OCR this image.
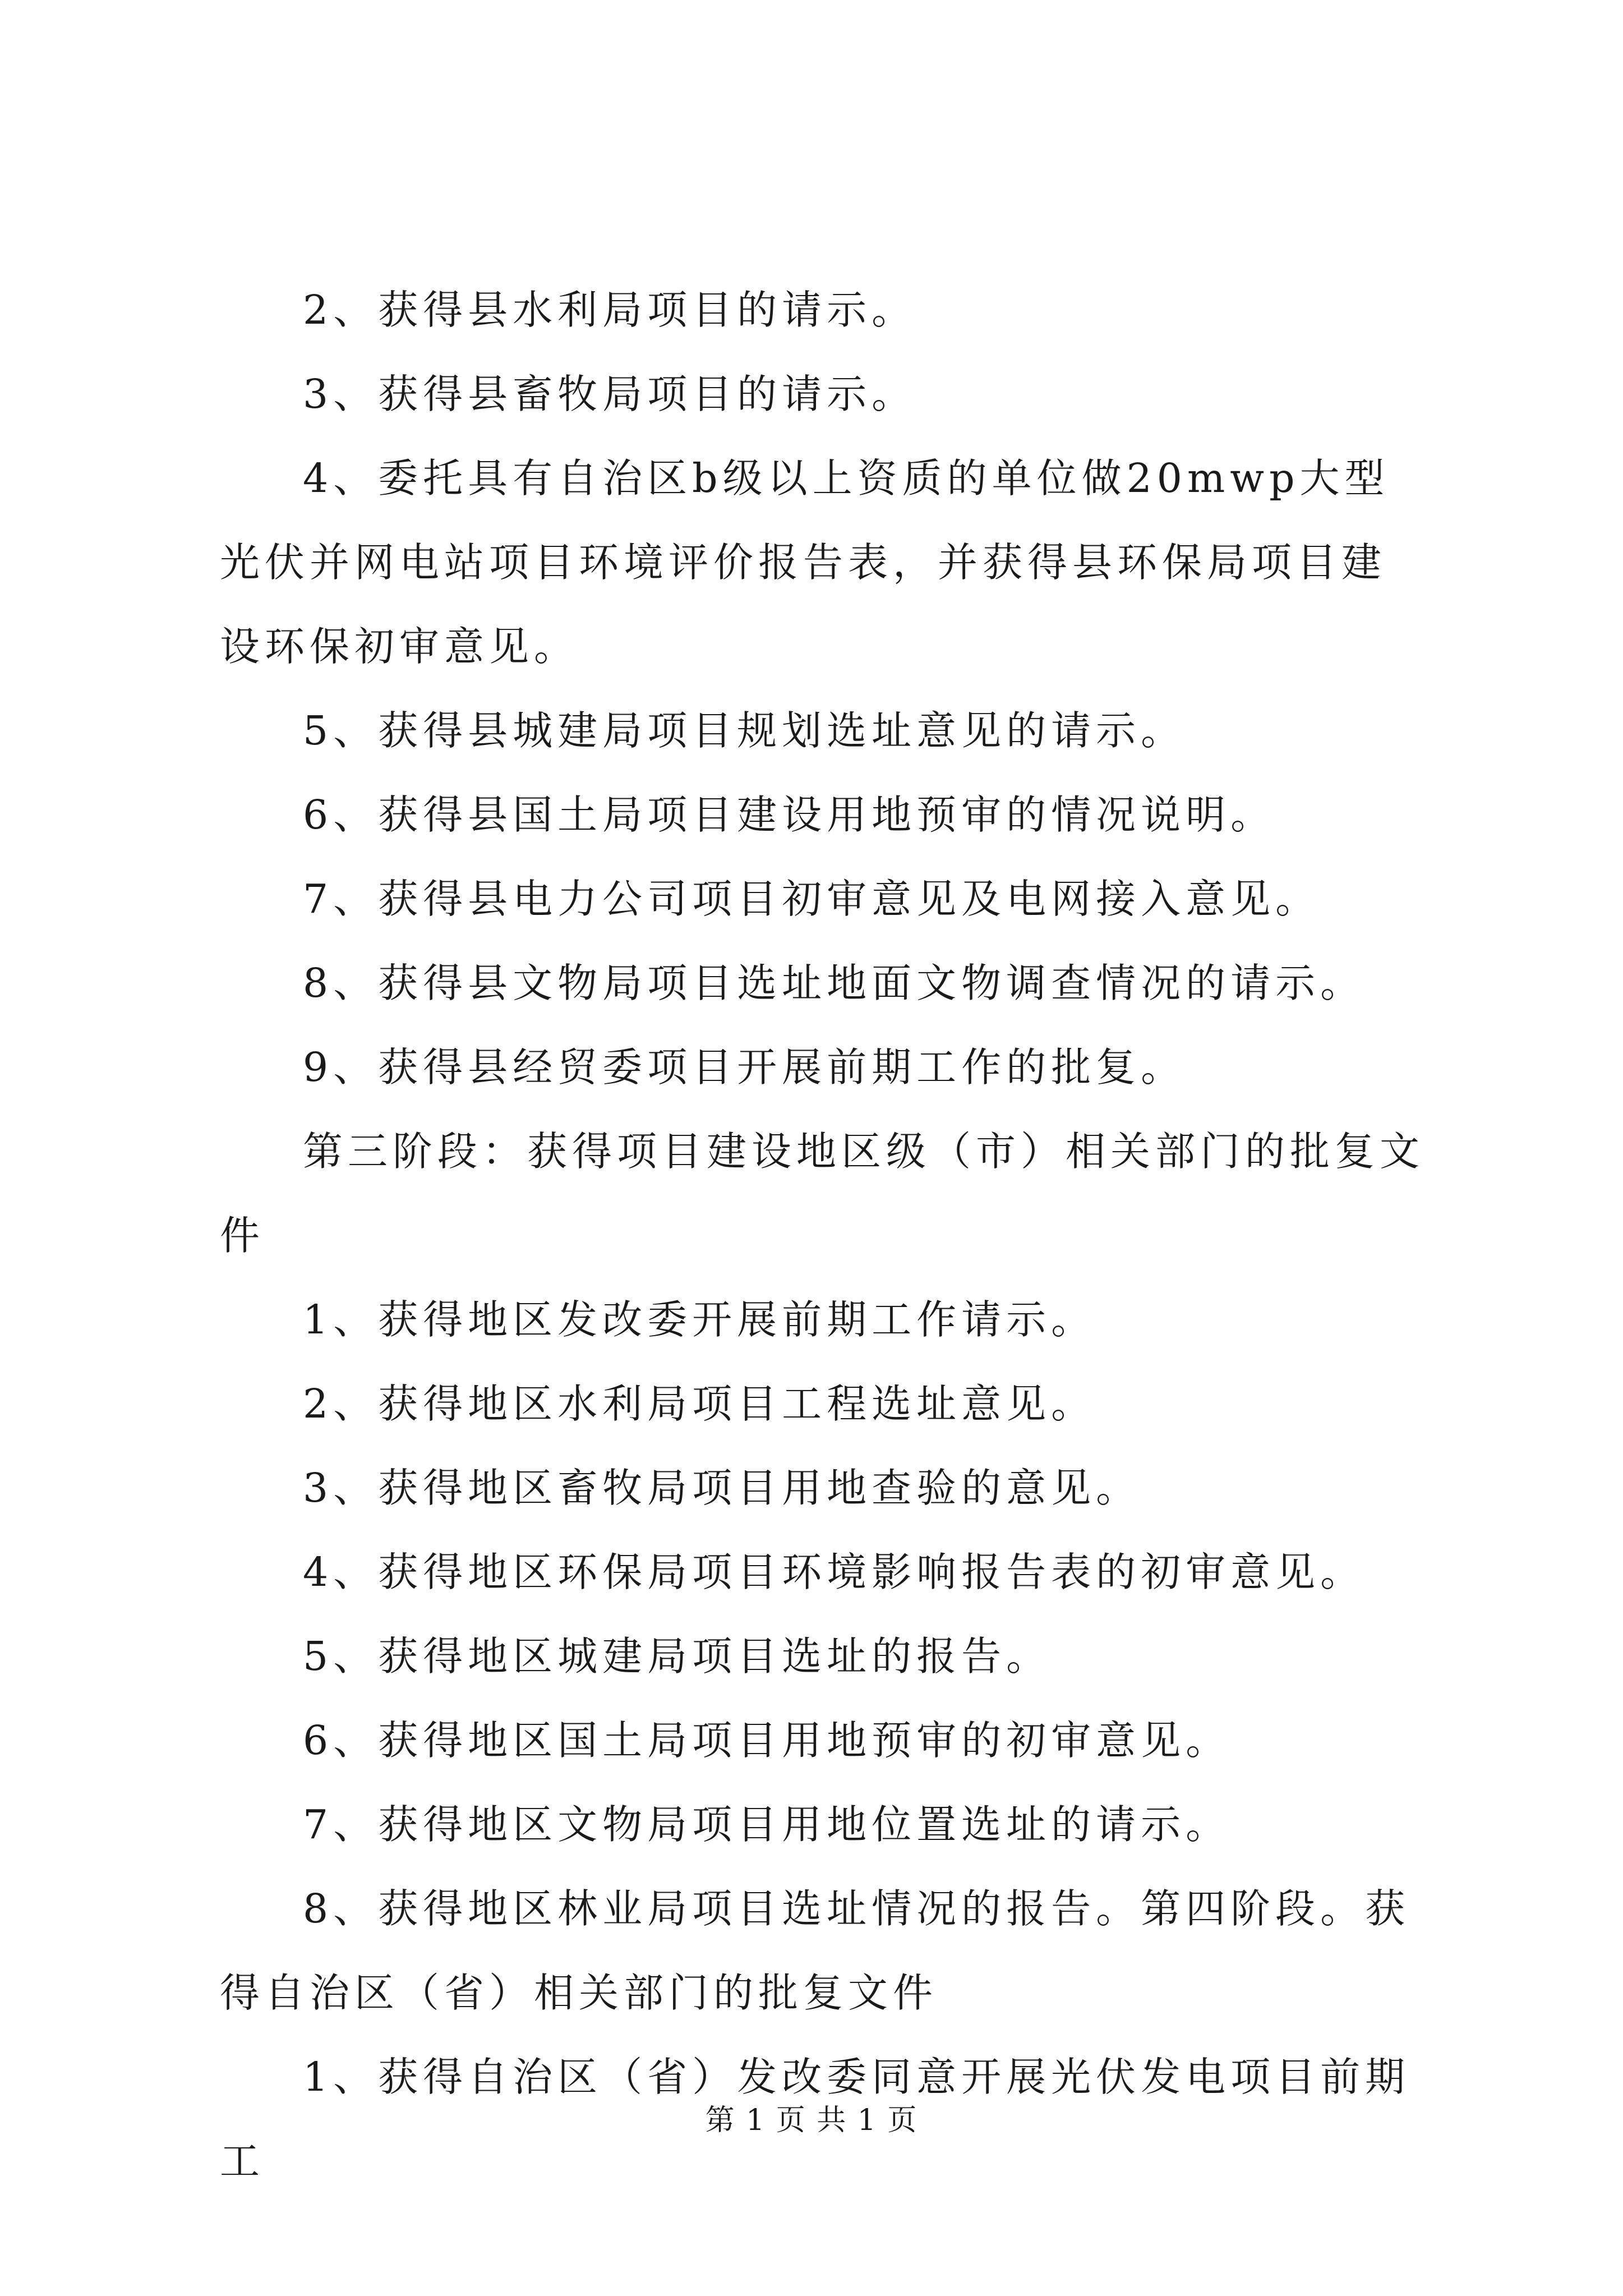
2、获得县水利局项目的请示。

3、获得县畜牧局项目的请示。

4、委托具有自治区b级以上资质的单位做20mwp大型光伏并网电站项目环境评价报告表，并获得县环保局项目建设环保初审意见。

5、获得县城建局项目规划选址意见的请示。

6、获得县国土局项目建设用地预审的情况说明。

7、获得县电力公司项目初审意见及电网接入意见。

8、获得县文物局项目选址地面文物调查情况的请示。

9、获得县经贸委项目开展前期工作的批复。

第三阶段：获得项目建设地区级（市）相关部门的批复文件

1、获得地区发改委开展前期工作请示。

2、获得地区水利局项目工程选址意见。

3、获得地区畜牧局项目用地查验的意见。

4、获得地区环保局项目环境影响报告表的初审意见。

5、获得地区城建局项目选址的报告。

6、获得地区国土局项目用地预审的初审意见。

7、获得地区文物局项目用地位置选址的请示。

8、获得地区林业局项目选址情况的报告。第四阶段。获得自治区（省）相关部门的批复文件

1、获得自治区（省）发改委同意开展光伏发电项目前期工

第 1 页 共 1 页
